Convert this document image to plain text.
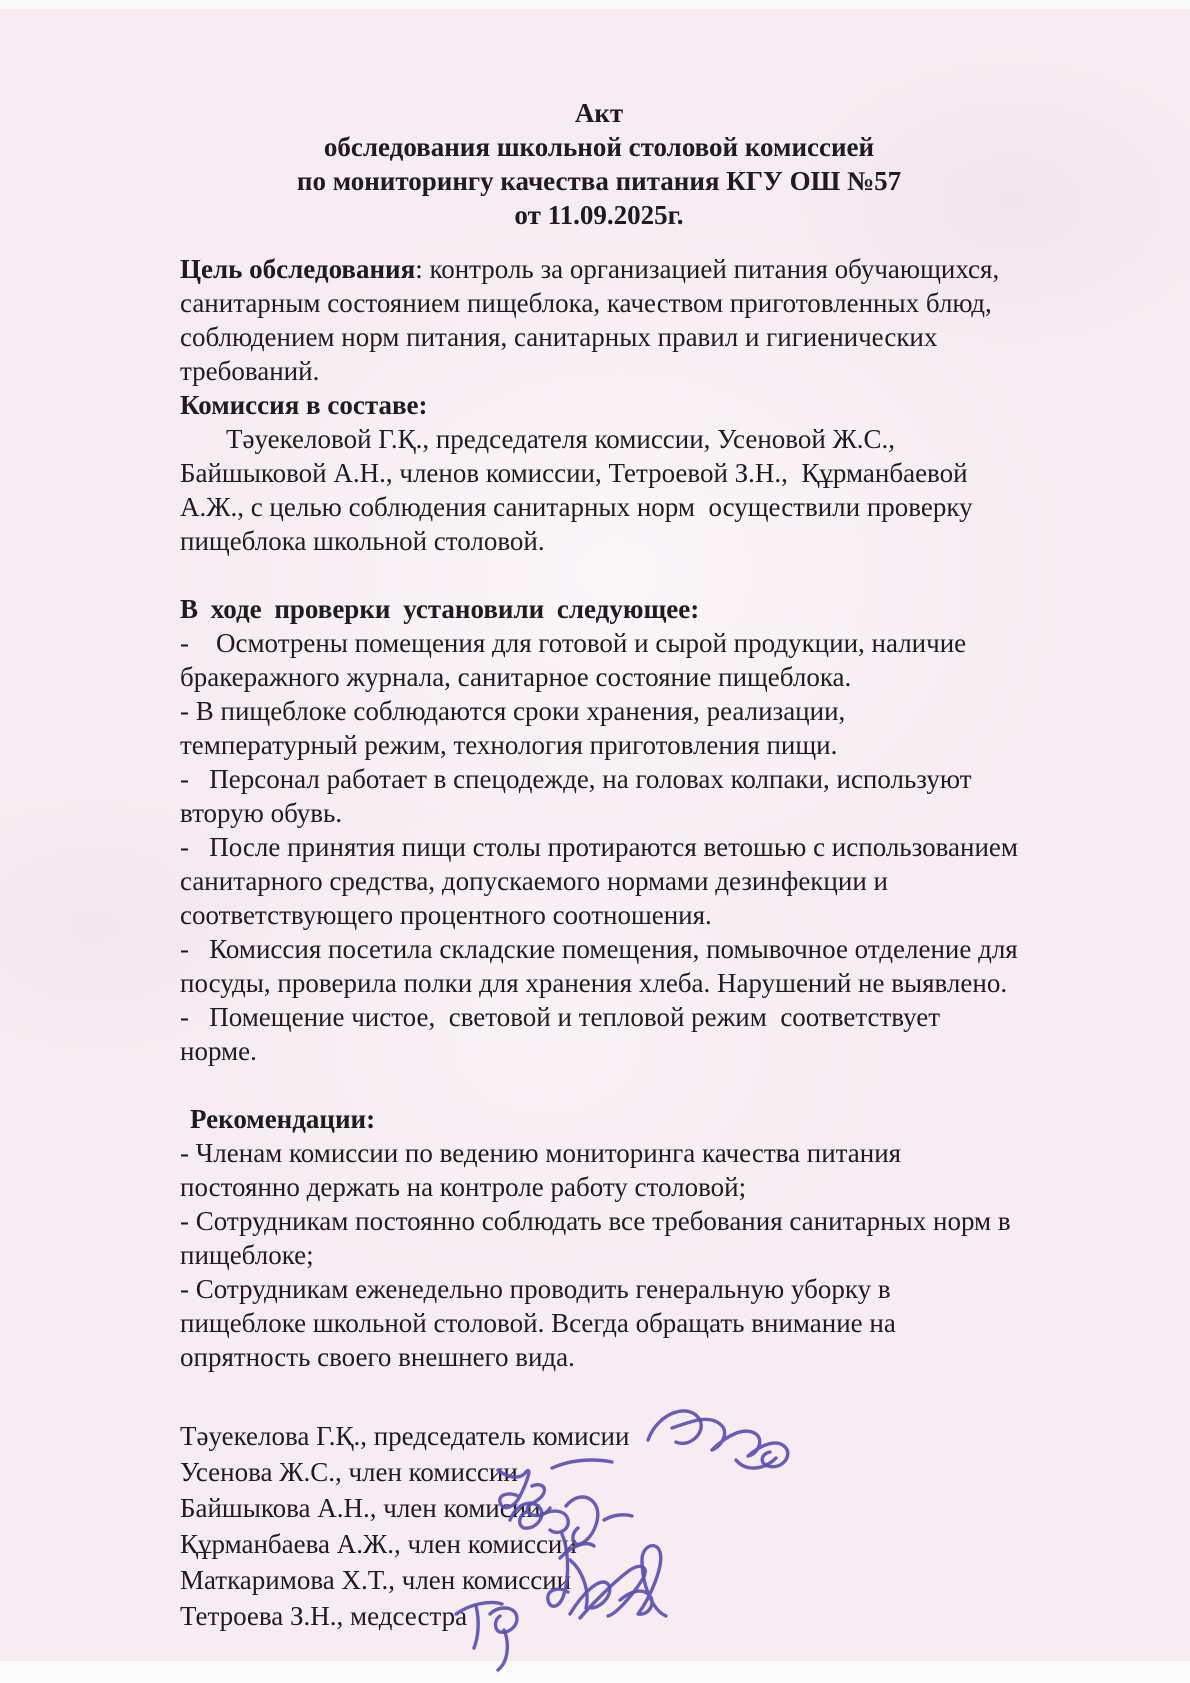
Акт

обследования школьной столовой комиссией

по мониторингу качества питания КГУ ОШ №57

от 11.09.2025г.

Цель обследования: контроль за организацией питания обучающихся, санитарным состоянием пищеблока, качеством приготовленных блюд, соблюдением норм питания, санитарных правил и гигиенических требований.

Комиссия в составе:

Тәуекеловой Г.Қ., председателя комиссии, Усеновой Ж.С., Байшыковой А.Н., членов комиссии, Тетроевой З.Н.,  Құрманбаевой А.Ж., с целью соблюдения санитарных норм  осуществили проверку пищеблока школьной столовой.

В ходе проверки установили следующее:

-    Осмотрены помещения для готовой и сырой продукции, наличие бракеражного журнала, санитарное состояние пищеблока.

- В пищеблоке соблюдаются сроки хранения, реализации, температурный режим, технология приготовления пищи.

-   Персонал работает в спецодежде, на головах колпаки, используют вторую обувь.

-   После принятия пищи столы протираются ветошью с использованием санитарного средства, допускаемого нормами дезинфекции и соответствующего процентного соотношения.

-   Комиссия посетила складские помещения, помывочное отделение для посуды, проверила полки для хранения хлеба. Нарушений не выявлено.

-   Помещение чистое,  световой и тепловой режим  соответствует норме.

Рекомендации:

- Членам комиссии по ведению мониторинга качества питания постоянно держать на контроле работу столовой;

- Сотрудникам постоянно соблюдать все требования санитарных норм в пищеблоке;

- Сотрудникам еженедельно проводить генеральную уборку в пищеблоке школьной столовой. Всегда обращать внимание на опрятность своего внешнего вида.

Тәуекелова Г.Қ., председатель комисии

Усенова Ж.С., член комиссии

Байшыкова А.Н., член комисии

Құрманбаева А.Ж., член комиссии

Маткаримова Х.Т., член комиссии

Тетроева З.Н., медсестра
